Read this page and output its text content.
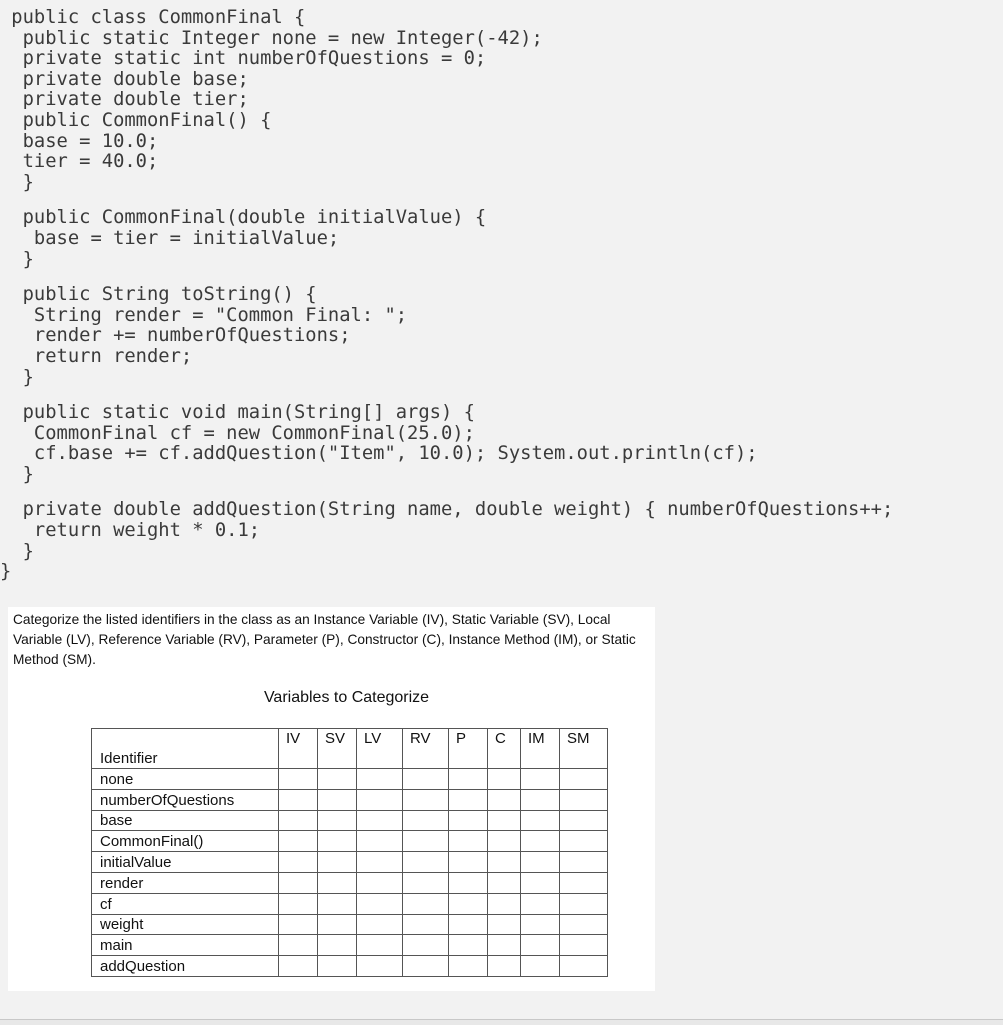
public class CommonFinal {
public static Integer none = new Integer(-42);
private static int numberOfQuestions = 0;
private double base;
private double tier;
public CommonFinal() {
base = 10.0;
tier = 40.0;
}
public CommonFinal(double initialValue) {
base = tier = initialValue;
}
public String toString() {
String render = "Common Final: ";
render += numberOfQuestions;
return render;
}
public static void main(String[] args) {
CommonFinal cf = new CommonFinal(25.0);
cf.base += cf.addQuestion("Item", 10.0); System.out.println(cf);
}
private double addQuestion(String name, double weight) { numberOfQuestions++;
return weight * 0.1;
}
}

Categorize the listed identifiers in the class as an Instance Variable (IV), Static Variable (SV), Local Variable (LV), Reference Variable (RV), Parameter (P), Constructor (C), Instance Method (IM), or Static Method (SM).

Variables to Categorize
Identifier	IV	SV	LV	RV	P	C	IM	SM
none								
numberOfQuestions								
base								
CommonFinal()								
initialValue								
render								
cf								
weight								
main								
addQuestion								
